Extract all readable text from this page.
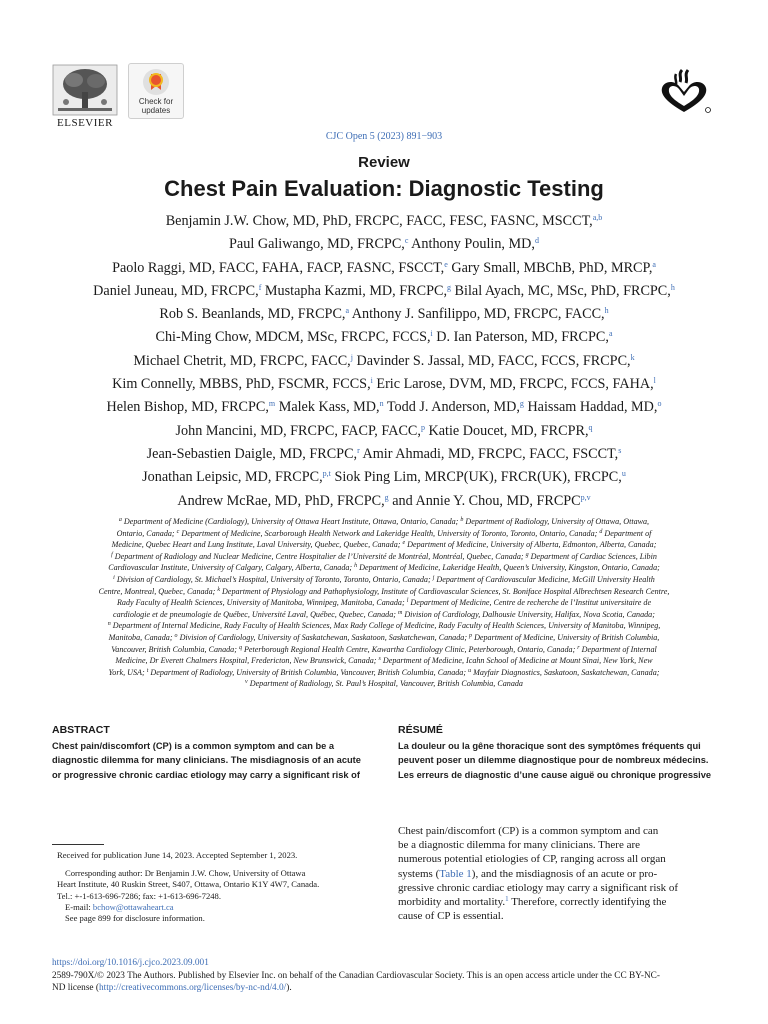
ELSEVIER
Check for
updates
CJC Open 5 (2023) 891−903
Review
Chest Pain Evaluation: Diagnostic Testing
Benjamin J.W. Chow, MD, PhD, FRCPC, FACC, FESC, FASNC, MSCCT,$^{a,b}$
Paul Galiwango, MD, FRCPC,$^c$ Anthony Poulin, MD,$^d$
Paolo Raggi, MD, FACC, FAHA, FACP, FASNC, FSCCT,$^e$ Gary Small, MBChB, PhD, MRCP,$^a$
Daniel Juneau, MD, FRCPC,$^f$ Mustapha Kazmi, MD, FRCPC,$^g$ Bilal Ayach, MC, MSc, PhD, FRCPC,$^h$
Rob S. Beanlands, MD, FRCPC,$^a$ Anthony J. Sanfilippo, MD, FRCPC, FACC,$^h$
Chi-Ming Chow, MDCM, MSc, FRCPC, FCCS,$^i$ D. Ian Paterson, MD, FRCPC,$^a$
Michael Chetrit, MD, FRCPC, FACC,$^j$ Davinder S. Jassal, MD, FACC, FCCS, FRCPC,$^k$
Kim Connelly, MBBS, PhD, FSCMR, FCCS,$^i$ Eric Larose, DVM, MD, FRCPC, FCCS, FAHA,$^l$
Helen Bishop, MD, FRCPC,$^m$ Malek Kass, MD,$^n$ Todd J. Anderson, MD,$^g$ Haissam Haddad, MD,$^o$
John Mancini, MD, FRCPC, FACP, FACC,$^p$ Katie Doucet, MD, FRCPR,$^q$
Jean-Sebastien Daigle, MD, FRCPC,$^r$ Amir Ahmadi, MD, FRCPC, FACC, FSCCT,$^s$
Jonathan Leipsic, MD, FRCPC,$^{p,t}$ Siok Ping Lim, MRCP(UK), FRCR(UK), FRCPC,$^u$
Andrew McRae, MD, PhD, FRCPC,$^g$ and Annie Y. Chou, MD, FRCPC$^{p,v}$
$^a$ Department of Medicine (Cardiology), University of Ottawa Heart Institute, Ottawa, Ontario, Canada; $^b$ Department of Radiology, University of Ottawa, Ottawa,
Ontario, Canada; $^c$ Department of Medicine, Scarborough Health Network and Lakeridge Health, University of Toronto, Toronto, Ontario, Canada; $^d$ Department of
Medicine, Quebec Heart and Lung Institute, Laval University, Quebec, Quebec, Canada; $^e$ Department of Medicine, University of Alberta, Edmonton, Alberta, Canada;
$^f$ Department of Radiology and Nuclear Medicine, Centre Hospitalier de l’Université de Montréal, Montréal, Quebec, Canada; $^g$ Department of Cardiac Sciences, Libin
Cardiovascular Institute, University of Calgary, Calgary, Alberta, Canada; $^h$ Department of Medicine, Lakeridge Health, Queen’s University, Kingston, Ontario, Canada;
$^i$ Division of Cardiology, St. Michael’s Hospital, University of Toronto, Toronto, Ontario, Canada; $^j$ Department of Cardiovascular Medicine, McGill University Health
Centre, Montreal, Quebec, Canada; $^k$ Department of Physiology and Pathophysiology, Institute of Cardiovascular Sciences, St. Boniface Hospital Albrechtsen Research Centre,
Rady Faculty of Health Sciences, University of Manitoba, Winnipeg, Manitoba, Canada; $^l$ Department of Medicine, Centre de recherche de l’Institut universitaire de
cardiologie et de pneumologie de Québec, Université Laval, Québec, Quebec, Canada; $^m$ Division of Cardiology, Dalhousie University, Halifax, Nova Scotia, Canada;
$^n$ Department of Internal Medicine, Rady Faculty of Health Sciences, Max Rady College of Medicine, Rady Faculty of Health Sciences, University of Manitoba, Winnipeg,
Manitoba, Canada; $^o$ Division of Cardiology, University of Saskatchewan, Saskatoon, Saskatchewan, Canada; $^p$ Department of Medicine, University of British Columbia,
Vancouver, British Columbia, Canada; $^q$ Peterborough Regional Health Centre, Kawartha Cardiology Clinic, Peterborough, Ontario, Canada; $^r$ Department of Internal
Medicine, Dr Everett Chalmers Hospital, Fredericton, New Brunswick, Canada; $^s$ Department of Medicine, Icahn School of Medicine at Mount Sinai, New York, New
York, USA; $^t$ Department of Radiology, University of British Columbia, Vancouver, British Columbia, Canada; $^u$ Mayfair Diagnostics, Saskatoon, Saskatchewan, Canada;
$^v$ Department of Radiology, St. Paul’s Hospital, Vancouver, British Columbia, Canada
ABSTRACT
Chest pain/discomfort (CP) is a common symptom and can be a
diagnostic dilemma for many clinicians. The misdiagnosis of an acute
or progressive chronic cardiac etiology may carry a significant risk of
RÉSUMÉ
La douleur ou la gêne thoracique sont des symptômes fréquents qui
peuvent poser un dilemme diagnostique pour de nombreux médecins.
Les erreurs de diagnostic d’une cause aiguë ou chronique progressive
Received for publication June 14, 2023. Accepted September 1, 2023.
Corresponding author: Dr Benjamin J.W. Chow, University of Ottawa
Heart Institute, 40 Ruskin Street, S407, Ottawa, Ontario K1Y 4W7, Canada.
Tel.: +-1-613-696-7286; fax: +1-613-696-7248.
E-mail: bchow@ottawaheart.ca
See page 899 for disclosure information.
Chest pain/discomfort (CP) is a common symptom and can
be a diagnostic dilemma for many clinicians. There are
numerous potential etiologies of CP, ranging across all organ
systems (Table 1), and the misdiagnosis of an acute or pro-
gressive chronic cardiac etiology may carry a significant risk of
morbidity and mortality.$^1$ Therefore, correctly identifying the
cause of CP is essential.
https://doi.org/10.1016/j.cjco.2023.09.001
2589-790X/© 2023 The Authors. Published by Elsevier Inc. on behalf of the Canadian Cardiovascular Society. This is an open access article under the CC BY-NC-
ND license (http://creativecommons.org/licenses/by-nc-nd/4.0/).
